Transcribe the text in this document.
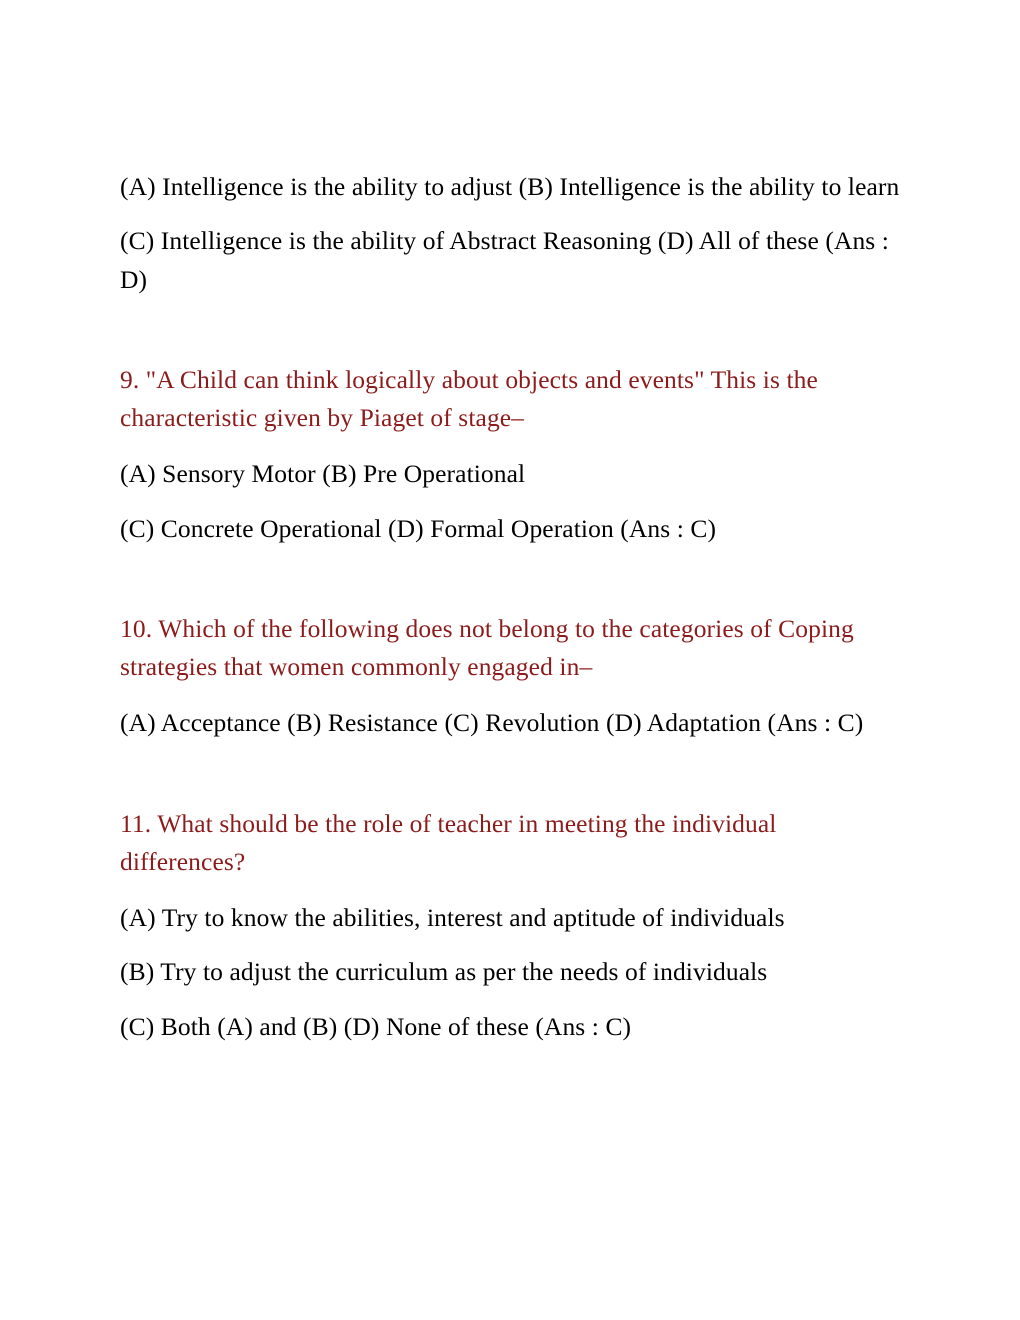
(A) Intelligence is the ability to adjust (B) Intelligence is the ability to learn

(C) Intelligence is the ability of Abstract Reasoning (D) All of these (Ans : D)

9. "A Child can think logically about objects and events" This is the characteristic given by Piaget of stage–

(A) Sensory Motor (B) Pre Operational

(C) Concrete Operational (D) Formal Operation (Ans : C)

10. Which of the following does not belong to the categories of Coping strategies that women commonly engaged in–

(A) Acceptance (B) Resistance (C) Revolution (D) Adaptation (Ans : C)

11. What should be the role of teacher in meeting the individual differences?

(A) Try to know the abilities, interest and aptitude of individuals

(B) Try to adjust the curriculum as per the needs of individuals

(C) Both (A) and (B) (D) None of these (Ans : C)
